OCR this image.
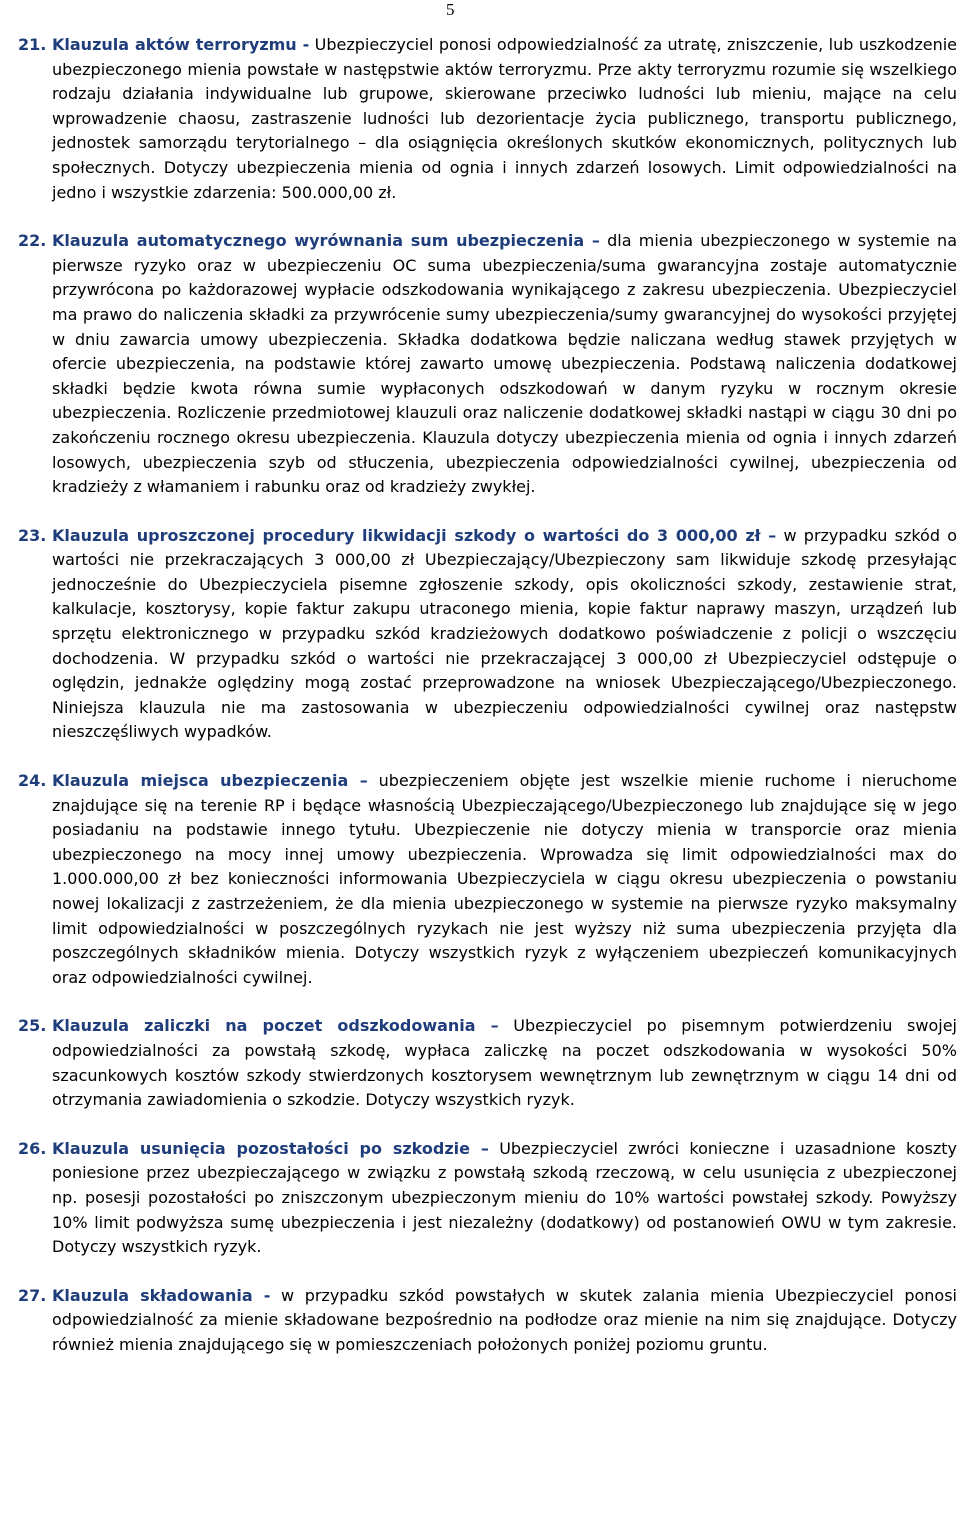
5
21. Klauzula aktów terroryzmu - Ubezpieczyciel ponosi odpowiedzialność za utratę, zniszczenie, lub uszkodzenie ubezpieczonego mienia powstałe w następstwie aktów terroryzmu. Prze akty terroryzmu rozumie się wszelkiego rodzaju działania indywidualne lub grupowe, skierowane przeciwko ludności lub mieniu, mające na celu wprowadzenie chaosu, zastraszenie ludności lub dezorientacje życia publicznego, transportu publicznego, jednostek samorządu terytorialnego – dla osiągnięcia określonych skutków ekonomicznych, politycznych lub społecznych. Dotyczy ubezpieczenia mienia od ognia i innych zdarzeń losowych. Limit odpowiedzialności na jedno i wszystkie zdarzenia: 500.000,00 zł.
22. Klauzula automatycznego wyrównania sum ubezpieczenia – dla mienia ubezpieczonego w systemie na pierwsze ryzyko oraz w ubezpieczeniu OC suma ubezpieczenia/suma gwarancyjna zostaje automatycznie przywrócona po każdorazowej wypłacie odszkodowania wynikającego z zakresu ubezpieczenia. Ubezpieczyciel ma prawo do naliczenia składki za przywrócenie sumy ubezpieczenia/sumy gwarancyjnej do wysokości przyjętej w dniu zawarcia umowy ubezpieczenia. Składka dodatkowa będzie naliczana według stawek przyjętych w ofercie ubezpieczenia, na podstawie której zawarto umowę ubezpieczenia. Podstawą naliczenia dodatkowej składki będzie kwota równa sumie wypłaconych odszkodowań w danym ryzyku w rocznym okresie ubezpieczenia. Rozliczenie przedmiotowej klauzuli oraz naliczenie dodatkowej składki nastąpi w ciągu 30 dni po zakończeniu rocznego okresu ubezpieczenia. Klauzula dotyczy ubezpieczenia mienia od ognia i innych zdarzeń losowych, ubezpieczenia szyb od stłuczenia, ubezpieczenia odpowiedzialności cywilnej, ubezpieczenia od kradzieży z włamaniem i rabunku oraz od kradzieży zwykłej.
23. Klauzula uproszczonej procedury likwidacji szkody o wartości do 3 000,00 zł – w przypadku szkód o wartości nie przekraczających 3 000,00 zł Ubezpieczający/Ubezpieczony sam likwiduje szkodę przesyłając jednocześnie do Ubezpieczyciela pisemne zgłoszenie szkody, opis okoliczności szkody, zestawienie strat, kalkulacje, kosztorysy, kopie faktur zakupu utraconego mienia, kopie faktur naprawy maszyn, urządzeń lub sprzętu elektronicznego w przypadku szkód kradzieżowych dodatkowo poświadczenie z policji o wszczęciu dochodzenia. W przypadku szkód o wartości nie przekraczającej 3 000,00 zł Ubezpieczyciel odstępuje o oględzin, jednakże oględziny mogą zostać przeprowadzone na wniosek Ubezpieczającego/Ubezpieczonego. Niniejsza klauzula nie ma zastosowania w ubezpieczeniu odpowiedzialności cywilnej oraz następstw nieszczęśliwych wypadków.
24. Klauzula miejsca ubezpieczenia – ubezpieczeniem objęte jest wszelkie mienie ruchome i nieruchome znajdujące się na terenie RP i będące własnością Ubezpieczającego/Ubezpieczonego lub znajdujące się w jego posiadaniu na podstawie innego tytułu. Ubezpieczenie nie dotyczy mienia w transporcie oraz mienia ubezpieczonego na mocy innej umowy ubezpieczenia. Wprowadza się limit odpowiedzialności max do 1.000.000,00 zł bez konieczności informowania Ubezpieczyciela w ciągu okresu ubezpieczenia o powstaniu nowej lokalizacji z zastrzeżeniem, że dla mienia ubezpieczonego w systemie na pierwsze ryzyko maksymalny limit odpowiedzialności w poszczególnych ryzykach nie jest wyższy niż suma ubezpieczenia przyjęta dla poszczególnych składników mienia. Dotyczy wszystkich ryzyk z wyłączeniem ubezpieczeń komunikacyjnych oraz odpowiedzialności cywilnej.
25. Klauzula zaliczki na poczet odszkodowania – Ubezpieczyciel po pisemnym potwierdzeniu swojej odpowiedzialności za powstałą szkodę, wypłaca zaliczkę na poczet odszkodowania w wysokości 50% szacunkowych kosztów szkody stwierdzonych kosztorysem wewnętrznym lub zewnętrznym w ciągu 14 dni od otrzymania zawiadomienia o szkodzie. Dotyczy wszystkich ryzyk.
26. Klauzula usunięcia pozostałości po szkodzie – Ubezpieczyciel zwróci konieczne i uzasadnione koszty poniesione przez ubezpieczającego w związku z powstałą szkodą rzeczową, w celu usunięcia z ubezpieczonej np. posesji pozostałości po zniszczonym ubezpieczonym mieniu do 10% wartości powstałej szkody. Powyższy 10% limit podwyższa sumę ubezpieczenia i jest niezależny (dodatkowy) od postanowień OWU w tym zakresie. Dotyczy wszystkich ryzyk.
27. Klauzula składowania - w przypadku szkód powstałych w skutek zalania mienia Ubezpieczyciel ponosi odpowiedzialność za mienie składowane bezpośrednio na podłodze oraz mienie na nim się znajdujące. Dotyczy również mienia znajdującego się w pomieszczeniach położonych poniżej poziomu gruntu.
